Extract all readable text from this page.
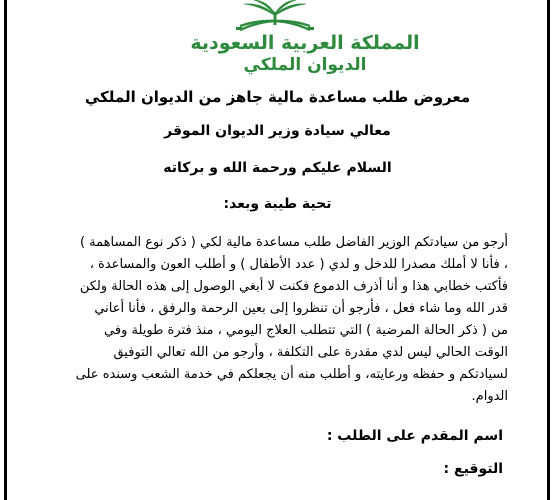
المملكة العربية السعودية
الديوان الملكي
معروض طلب مساعدة مالية جاهز من الديوان الملكي
معالي سيادة وزير الديوان الموقر
السلام عليكم ورحمة الله و بركاته
تحية طيبة وبعد:

أرجو من سيادتكم الوزير الفاضل طلب مساعدة مالية لكي ( ذكر نوع المساهمة )

، فأنا لا أملك مصدرا للدخل و لدي ( عدد الأطفال ) و أطلب العون والمساعدة ،

فأكتب خطابي هذا و أنا أذرف الدموع فكنت لا أبغي الوصول إلى هذه الحالة ولكن

قدر الله وما شاء فعل ، فأرجو أن تنظروا إلى بعين الرحمة والرفق ، فأنا أعاني

من ( ذكر الحالة المرضية ) التي تتطلب العلاج اليومي ، منذ فترة طويلة وفي

الوقت الحالي ليس لدي مقدرة على التكلفة ، وأرجو من الله تعالي التوفيق

لسيادتكم و حفظه ورعايته، و أطلب منه أن يجعلكم في خدمة الشعب وسنده على

الدوام.

اسم المقدم على الطلب :
التوقيع :
